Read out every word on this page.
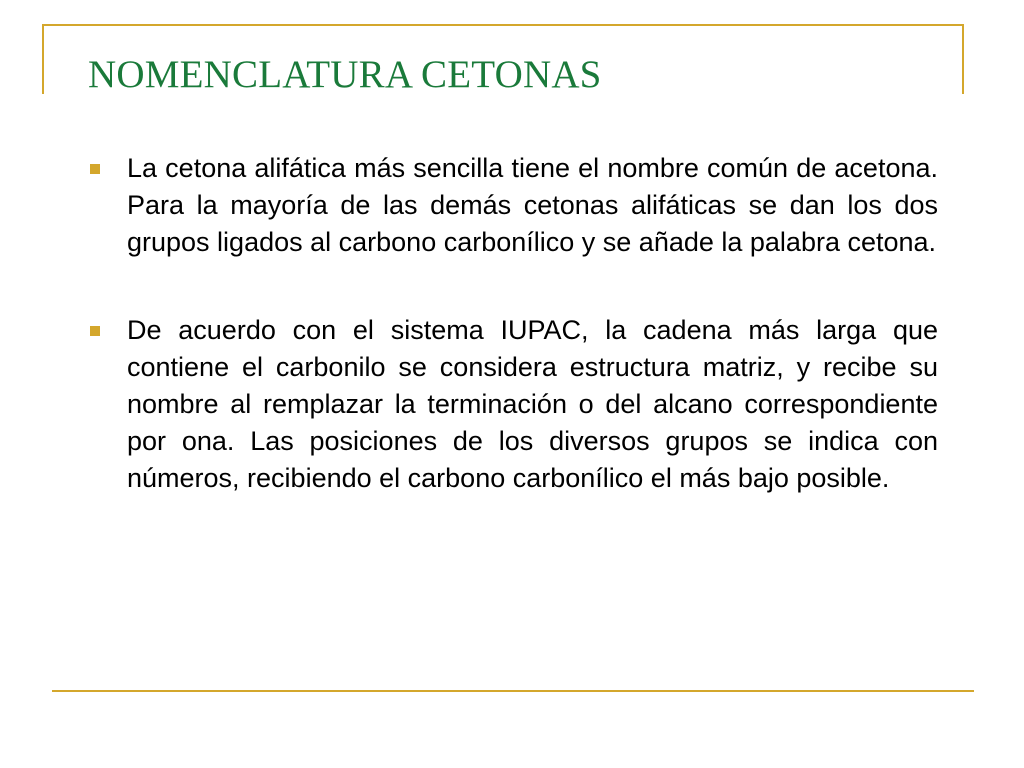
NOMENCLATURA CETONAS
La cetona alifática más sencilla tiene el nombre común de acetona. Para la mayoría de las demás cetonas alifáticas se dan los dos grupos ligados al carbono carbonílico y se añade la palabra cetona.
De acuerdo con el sistema IUPAC, la cadena más larga que contiene el carbonilo se considera estructura matriz, y recibe su nombre al remplazar la terminación o del alcano correspondiente por ona. Las posiciones de los diversos grupos se indica con números, recibiendo el carbono carbonílico el más bajo posible.
